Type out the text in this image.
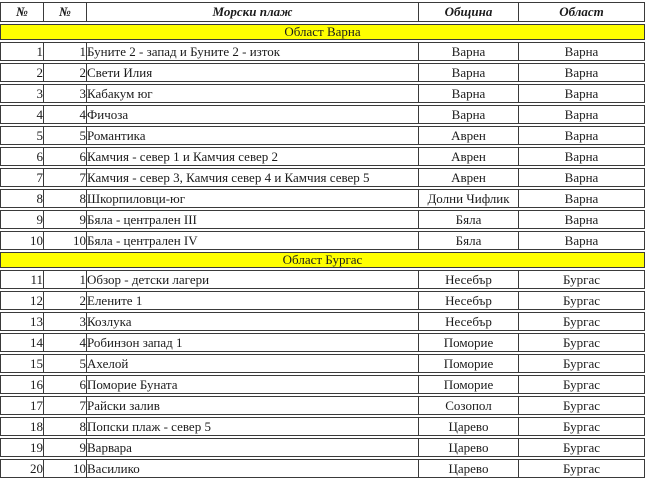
№	№	Морски плаж	Община	Област
Област Варна				
1	1	Буните 2 - запад и Буните 2 - изток	Варна	Варна
2	2	Свети Илия	Варна	Варна
3	3	Кабакум юг	Варна	Варна
4	4	Фичоза	Варна	Варна
5	5	Романтика	Аврен	Варна
6	6	Камчия - север 1 и Камчия север 2	Аврен	Варна
7	7	Камчия - север 3, Камчия север 4 и Камчия север 5	Аврен	Варна
8	8	Шкорпиловци-юг	Долни Чифлик	Варна
9	9	Бяла - централен III	Бяла	Варна
10	10	Бяла - централен IV	Бяла	Варна
Област Бургас				
11	1	Обзор - детски лагери	Несебър	Бургас
12	2	Елените 1	Несебър	Бургас
13	3	Козлука	Несебър	Бургас
14	4	Робинзон запад 1	Поморие	Бургас
15	5	Ахелой	Поморие	Бургас
16	6	Поморие Буната	Поморие	Бургас
17	7	Райски залив	Созопол	Бургас
18	8	Попски плаж - север 5	Царево	Бургас
19	9	Варвара	Царево	Бургас
20	10	Василико	Царево	Бургас
